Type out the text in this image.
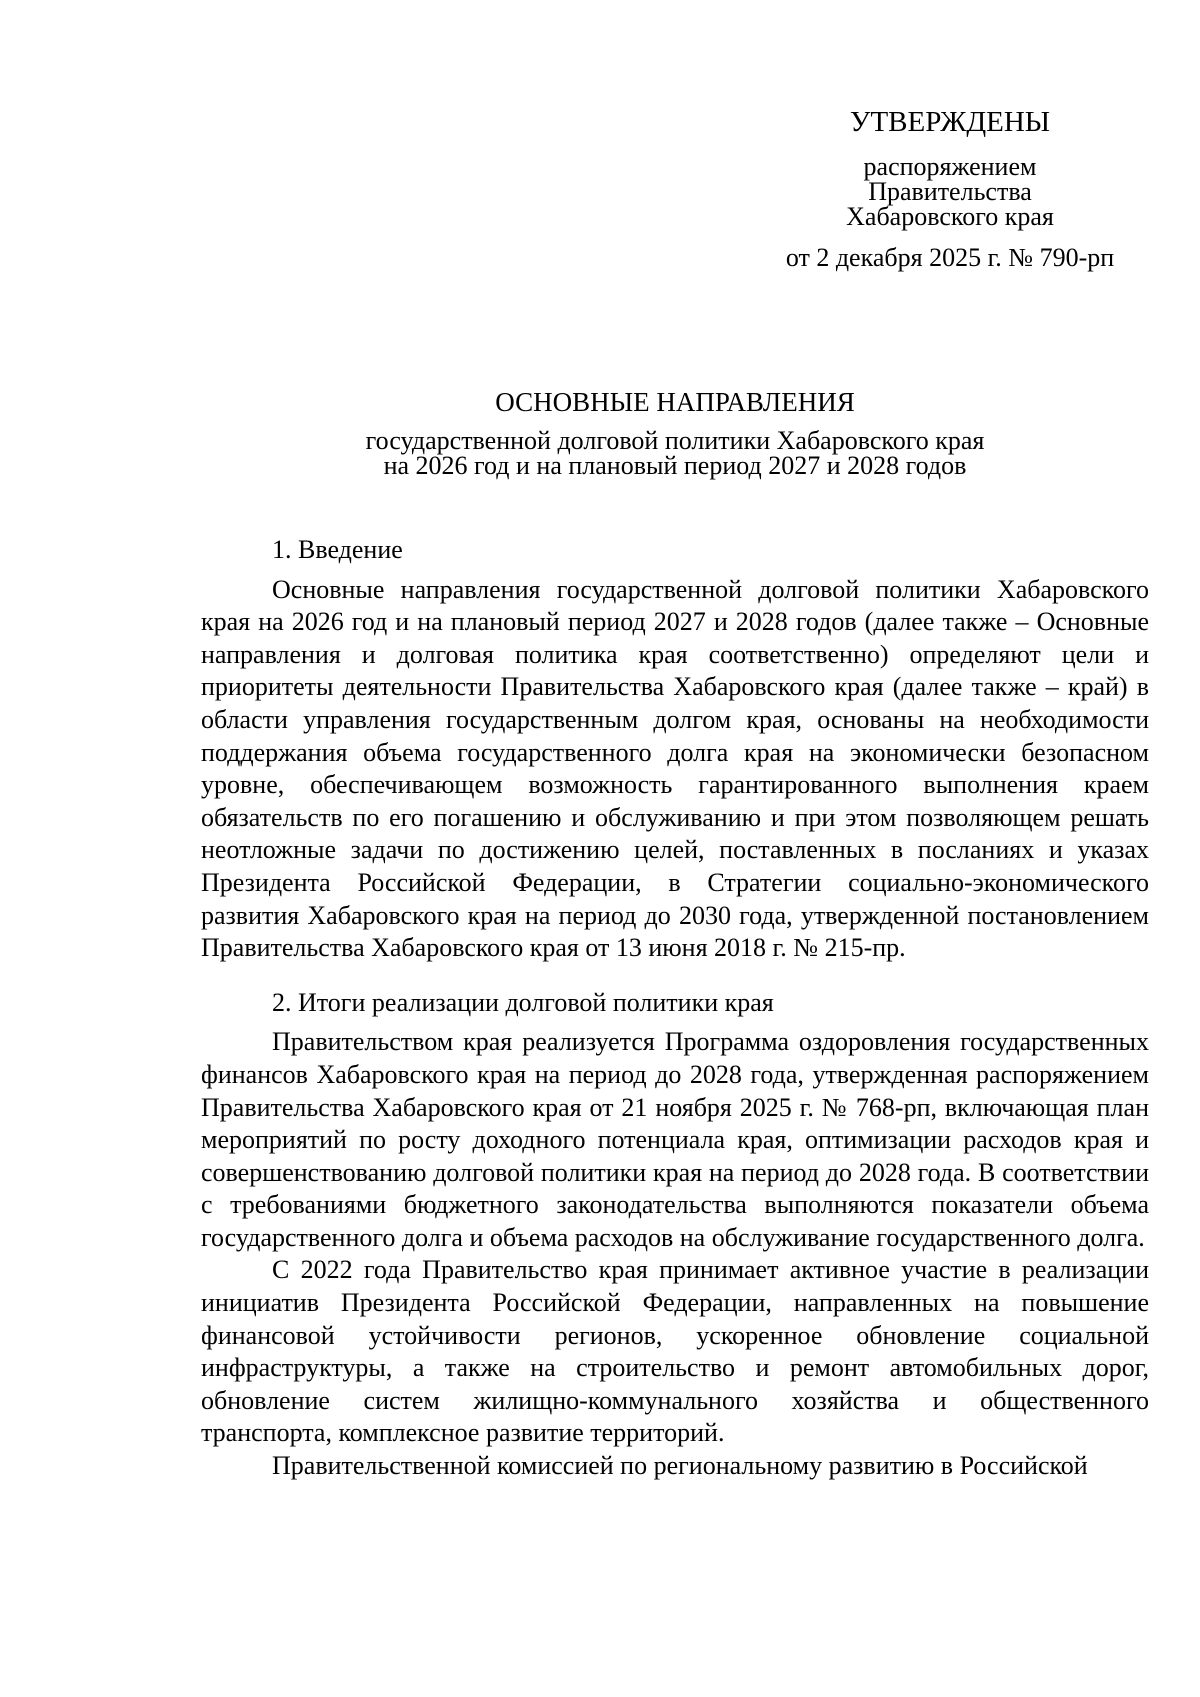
УТВЕРЖДЕНЫ
распоряжением
Правительства
Хабаровского края
от 2 декабря 2025 г. № 790-рп
ОСНОВНЫЕ НАПРАВЛЕНИЯ
государственной долговой политики Хабаровского края
на 2026 год и на плановый период 2027 и 2028 годов

1. Введение

Основные направления государственной долговой политики Хабаровского края на 2026 год и на плановый период 2027 и 2028 годов (далее также – Основные направления и долговая политика края соответственно) определяют цели и приоритеты деятельности Правительства Хабаровского края (далее также – край) в области управления государственным долгом края, основаны на необходимости поддержания объема государственного долга края на экономически безопасном уровне, обеспечивающем возможность гарантированного выполнения краем обязательств по его погашению и обслуживанию и при этом позволяющем решать неотложные задачи по достижению целей, поставленных в посланиях и указах Президента Российской Федерации, в Стратегии социально-экономического развития Хабаровского края на период до 2030 года, утвержденной постановлением Правительства Хабаровского края от 13 июня 2018 г. № 215-пр.

2. Итоги реализации долговой политики края

Правительством края реализуется Программа оздоровления государственных финансов Хабаровского края на период до 2028 года, утвержденная распоряжением Правительства Хабаровского края от 21 ноября 2025 г. № 768-рп, включающая план мероприятий по росту доходного потенциала края, оптимизации расходов края и совершенствованию долговой политики края на период до 2028 года. В соответствии с требованиями бюджетного законодательства выполняются показатели объема государственного долга и объема расходов на обслуживание государственного долга.

С 2022 года Правительство края принимает активное участие в реализации инициатив Президента Российской Федерации, направленных на повышение финансовой устойчивости регионов, ускоренное обновление социальной инфраструктуры, а также на строительство и ремонт автомобильных дорог, обновление систем жилищно-коммунального хозяйства и общественного транспорта, комплексное развитие территорий.

Правительственной комиссией по региональному развитию в Российской
